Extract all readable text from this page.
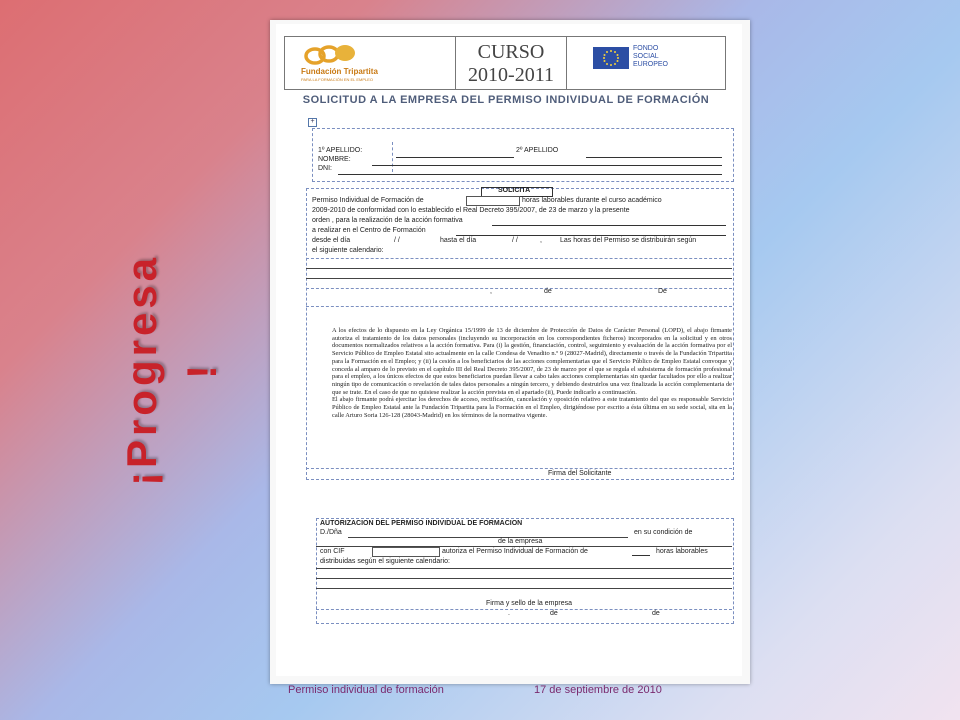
¡Progresa !
Fundación Tripartita
PARA LA FORMACIÓN EN EL EMPLEO
CURSO
2010-2011
FONDO
SOCIAL
EUROPEO
SOLICITUD A LA EMPRESA DEL PERMISO INDIVIDUAL DE FORMACIÓN
+
1º APELLIDO:	2º APELLIDO
NOMBRE:
DNI:
SOLICITA
Permiso Individual de Formación de	horas laborables durante el curso académico
2009-2010 de conformidad con lo establecido el Real Decreto 395/2007, de 23 de marzo y la presente
orden , para la realización de la acción formativa
a realizar en el Centro de Formación
desde el día	/ /	hasta el día	/ /	,	Las horas del Permiso se distribuirán según
el siguiente calendario:
,	de	De

A los efectos de lo dispuesto en la Ley Orgánica 15/1999 de 13 de diciembre de Protección de Datos de Carácter Personal (LOPD), el abajo firmante autoriza el tratamiento de los datos personales (incluyendo su incorporación en los correspondientes ficheros) incorporados en la solicitud y en otros documentos normalizados relativos a la acción formativa. Para (i) la gestión, financiación, control, seguimiento y evaluación de la acción formativa por el Servicio Público de Empleo Estatal sito actualmente en la calle Condesa de Venadito n.º 9 (28027-Madrid), directamente o través de la Fundación Tripartita para la Formación en el Empleo; y (ii) la cesión a los beneficiarios de las acciones complementarias que el Servicio Público de Empleo Estatal convoque y conceda al amparo de lo previsto en el capítulo III del Real Decreto 395/2007, de 23 de marzo por el que se regula el subsistema de formación profesional para el empleo, a los únicos efectos de que estos beneficiarios puedan llevar a cabo tales acciones complementarias sin quedar facultados por ello a realizar ningún tipo de comunicación o revelación de tales datos personales a ningún tercero, y debiendo destruirlos una vez finalizada la acción complementaria de que se trate. En el caso de que no quisiese realizar la acción prevista en el apartado (ii), Puede indicarlo a continuación.

El abajo firmante podrá ejercitar los derechos de acceso, rectificación, cancelación y oposición relativo a este tratamiento del que es responsable Servicio Público de Empleo Estatal ante la Fundación Tripartita para la Formación en el Empleo, dirigiéndose por escrito a ésta última en su sede social, sita en la calle Arturo Soria 126-128 (28043-Madrid) en los términos de la normativa vigente.

Firma del Solicitante
AUTORIZACION DEL PERMISO INDIVIDUAL DE FORMACION
D./Dña	en su condición de
de la empresa
con CIF	autoriza el Permiso Individual de Formación de	horas laborables
distribuidas según el siguiente calendario:
Firma y sello de la empresa
.	de	de
Permiso individual de formación	17 de septiembre de 2010
